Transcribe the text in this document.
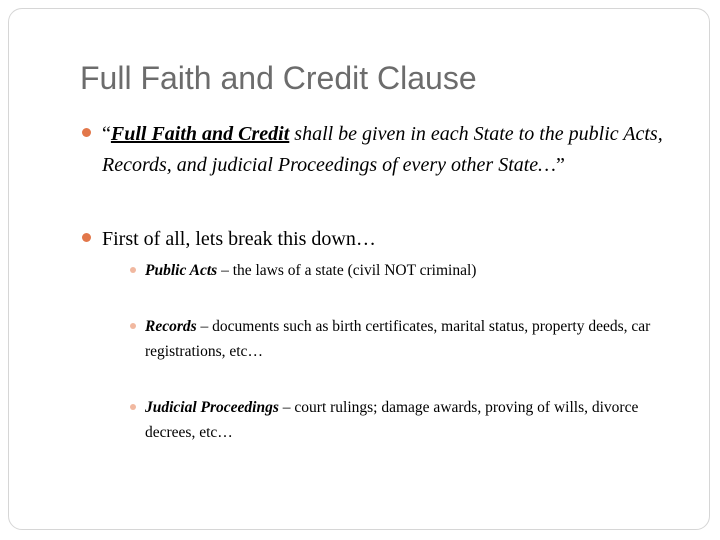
Full Faith and Credit Clause
“Full Faith and Credit shall be given in each State to the public Acts, Records, and judicial Proceedings of every other State…”
First of all, lets break this down…
Public Acts – the laws of a state (civil NOT criminal)
Records – documents such as birth certificates, marital status, property deeds, car registrations, etc…
Judicial Proceedings – court rulings; damage awards, proving of wills, divorce decrees, etc…
